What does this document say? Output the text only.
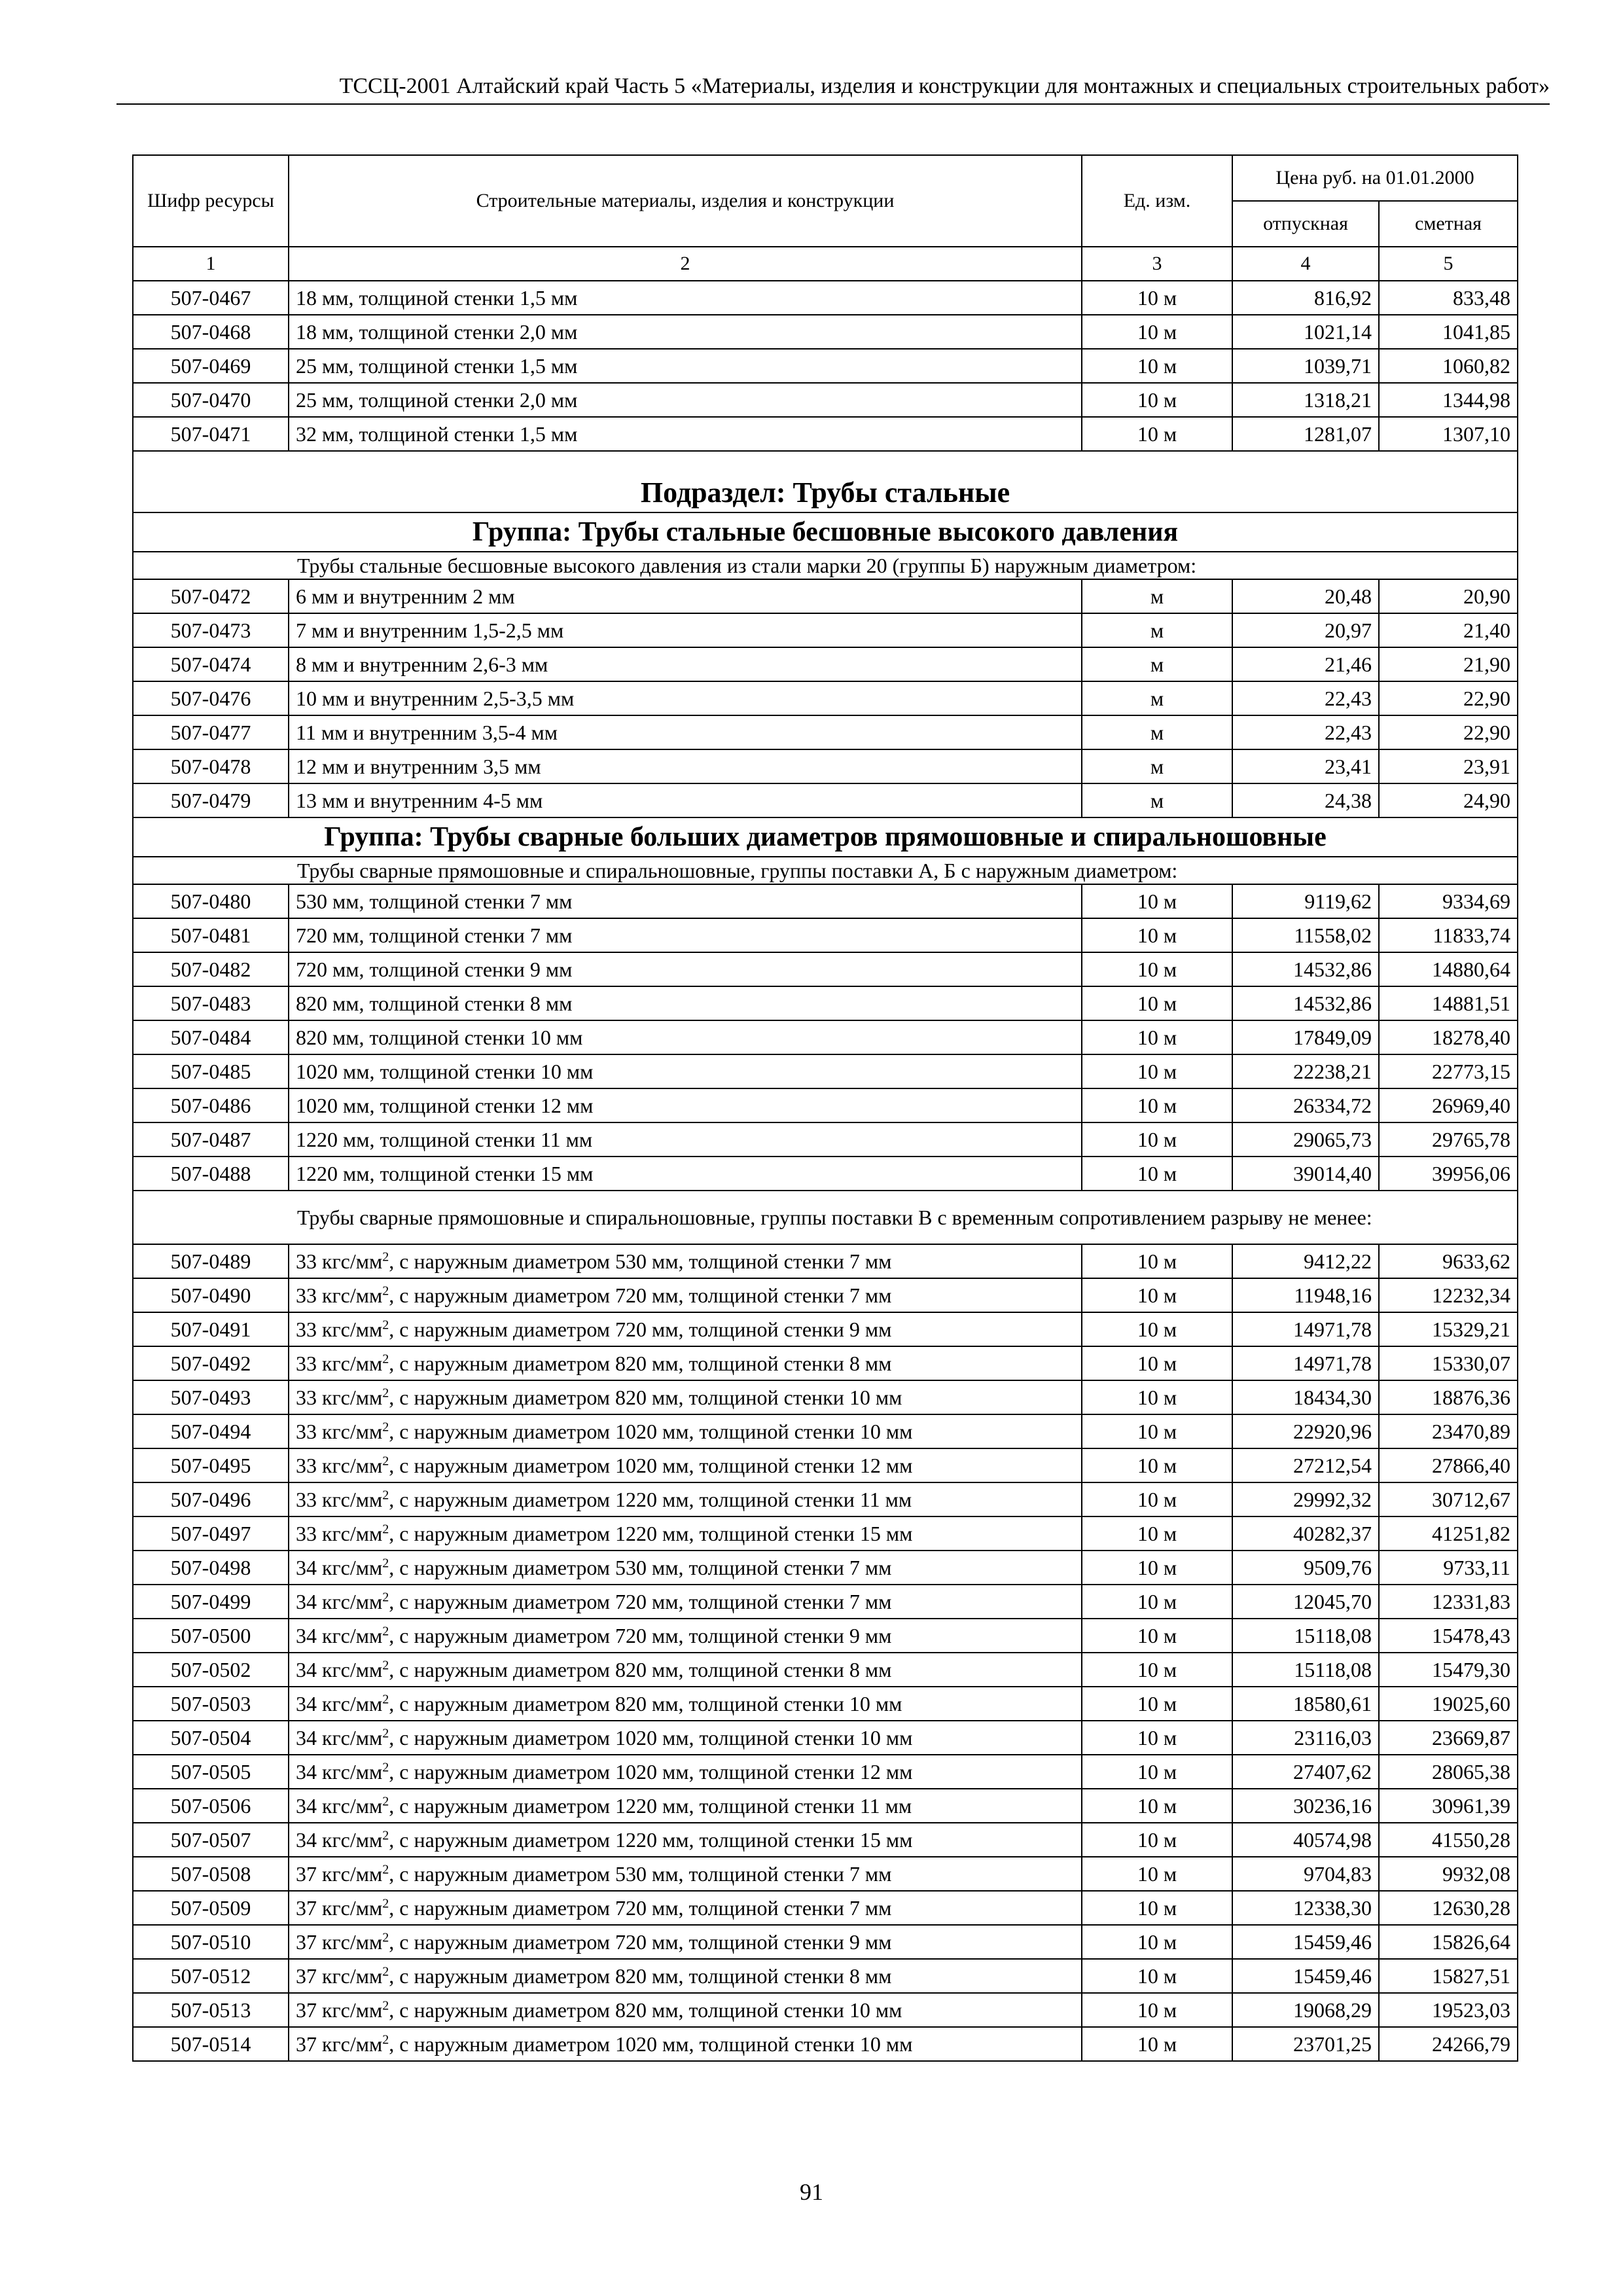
ТССЦ-2001 Алтайский край Часть 5 «Материалы, изделия и конструкции для монтажных и специальных строительных работ»
Шифр ресурсы	Строительные материалы, изделия и конструкции	Ед. изм.	Цена руб. на 01.01.2000	
			отпускная	сметная
1	2	3	4	5
507-0467	18 мм, толщиной стенки 1,5 мм	10 м	816,92	833,48
507-0468	18 мм, толщиной стенки 2,0 мм	10 м	1021,14	1041,85
507-0469	25 мм, толщиной стенки 1,5 мм	10 м	1039,71	1060,82
507-0470	25 мм, толщиной стенки 2,0 мм	10 м	1318,21	1344,98
507-0471	32 мм, толщиной стенки 1,5 мм	10 м	1281,07	1307,10
Подраздел: Трубы стальные				
Группа: Трубы стальные бесшовные высокого давления				
Трубы стальные бесшовные высокого давления из стали марки 20 (группы Б) наружным диаметром:				
507-0472	6 мм и внутренним 2 мм	м	20,48	20,90
507-0473	7 мм и внутренним 1,5-2,5 мм	м	20,97	21,40
507-0474	8 мм и внутренним 2,6-3 мм	м	21,46	21,90
507-0476	10 мм и внутренним 2,5-3,5 мм	м	22,43	22,90
507-0477	11 мм и внутренним 3,5-4 мм	м	22,43	22,90
507-0478	12 мм и внутренним 3,5 мм	м	23,41	23,91
507-0479	13 мм и внутренним 4-5 мм	м	24,38	24,90
Группа: Трубы сварные больших диаметров прямошовные и спиральношовные				
Трубы сварные прямошовные и спиральношовные, группы поставки А, Б с наружным диаметром:				
507-0480	530 мм, толщиной стенки 7 мм	10 м	9119,62	9334,69
507-0481	720 мм, толщиной стенки 7 мм	10 м	11558,02	11833,74
507-0482	720 мм, толщиной стенки 9 мм	10 м	14532,86	14880,64
507-0483	820 мм, толщиной стенки 8 мм	10 м	14532,86	14881,51
507-0484	820 мм, толщиной стенки 10 мм	10 м	17849,09	18278,40
507-0485	1020 мм, толщиной стенки 10 мм	10 м	22238,21	22773,15
507-0486	1020 мм, толщиной стенки 12 мм	10 м	26334,72	26969,40
507-0487	1220 мм, толщиной стенки 11 мм	10 м	29065,73	29765,78
507-0488	1220 мм, толщиной стенки 15 мм	10 м	39014,40	39956,06
Трубы сварные прямошовные и спиральношовные, группы поставки В с временным сопротивлением разрыву не менее:				
507-0489	33 кгс/$мм^2$, с наружным диаметром 530 мм, толщиной стенки 7 мм	10 м	9412,22	9633,62
507-0490	33 кгс/$мм^2$, с наружным диаметром 720 мм, толщиной стенки 7 мм	10 м	11948,16	12232,34
507-0491	33 кгс/$мм^2$, с наружным диаметром 720 мм, толщиной стенки 9 мм	10 м	14971,78	15329,21
507-0492	33 кгс/$мм^2$, с наружным диаметром 820 мм, толщиной стенки 8 мм	10 м	14971,78	15330,07
507-0493	33 кгс/$мм^2$, с наружным диаметром 820 мм, толщиной стенки 10 мм	10 м	18434,30	18876,36
507-0494	33 кгс/$мм^2$, с наружным диаметром 1020 мм, толщиной стенки 10 мм	10 м	22920,96	23470,89
507-0495	33 кгс/$мм^2$, с наружным диаметром 1020 мм, толщиной стенки 12 мм	10 м	27212,54	27866,40
507-0496	33 кгс/$мм^2$, с наружным диаметром 1220 мм, толщиной стенки 11 мм	10 м	29992,32	30712,67
507-0497	33 кгс/$мм^2$, с наружным диаметром 1220 мм, толщиной стенки 15 мм	10 м	40282,37	41251,82
507-0498	34 кгс/$мм^2$, с наружным диаметром 530 мм, толщиной стенки 7 мм	10 м	9509,76	9733,11
507-0499	34 кгс/$мм^2$, с наружным диаметром 720 мм, толщиной стенки 7 мм	10 м	12045,70	12331,83
507-0500	34 кгс/$мм^2$, с наружным диаметром 720 мм, толщиной стенки 9 мм	10 м	15118,08	15478,43
507-0502	34 кгс/$мм^2$, с наружным диаметром 820 мм, толщиной стенки 8 мм	10 м	15118,08	15479,30
507-0503	34 кгс/$мм^2$, с наружным диаметром 820 мм, толщиной стенки 10 мм	10 м	18580,61	19025,60
507-0504	34 кгс/$мм^2$, с наружным диаметром 1020 мм, толщиной стенки 10 мм	10 м	23116,03	23669,87
507-0505	34 кгс/$мм^2$, с наружным диаметром 1020 мм, толщиной стенки 12 мм	10 м	27407,62	28065,38
507-0506	34 кгс/$мм^2$, с наружным диаметром 1220 мм, толщиной стенки 11 мм	10 м	30236,16	30961,39
507-0507	34 кгс/$мм^2$, с наружным диаметром 1220 мм, толщиной стенки 15 мм	10 м	40574,98	41550,28
507-0508	37 кгс/$мм^2$, с наружным диаметром 530 мм, толщиной стенки 7 мм	10 м	9704,83	9932,08
507-0509	37 кгс/$мм^2$, с наружным диаметром 720 мм, толщиной стенки 7 мм	10 м	12338,30	12630,28
507-0510	37 кгс/$мм^2$, с наружным диаметром 720 мм, толщиной стенки 9 мм	10 м	15459,46	15826,64
507-0512	37 кгс/$мм^2$, с наружным диаметром 820 мм, толщиной стенки 8 мм	10 м	15459,46	15827,51
507-0513	37 кгс/$мм^2$, с наружным диаметром 820 мм, толщиной стенки 10 мм	10 м	19068,29	19523,03
507-0514	37 кгс/$мм^2$, с наружным диаметром 1020 мм, толщиной стенки 10 мм	10 м	23701,25	24266,79
91
